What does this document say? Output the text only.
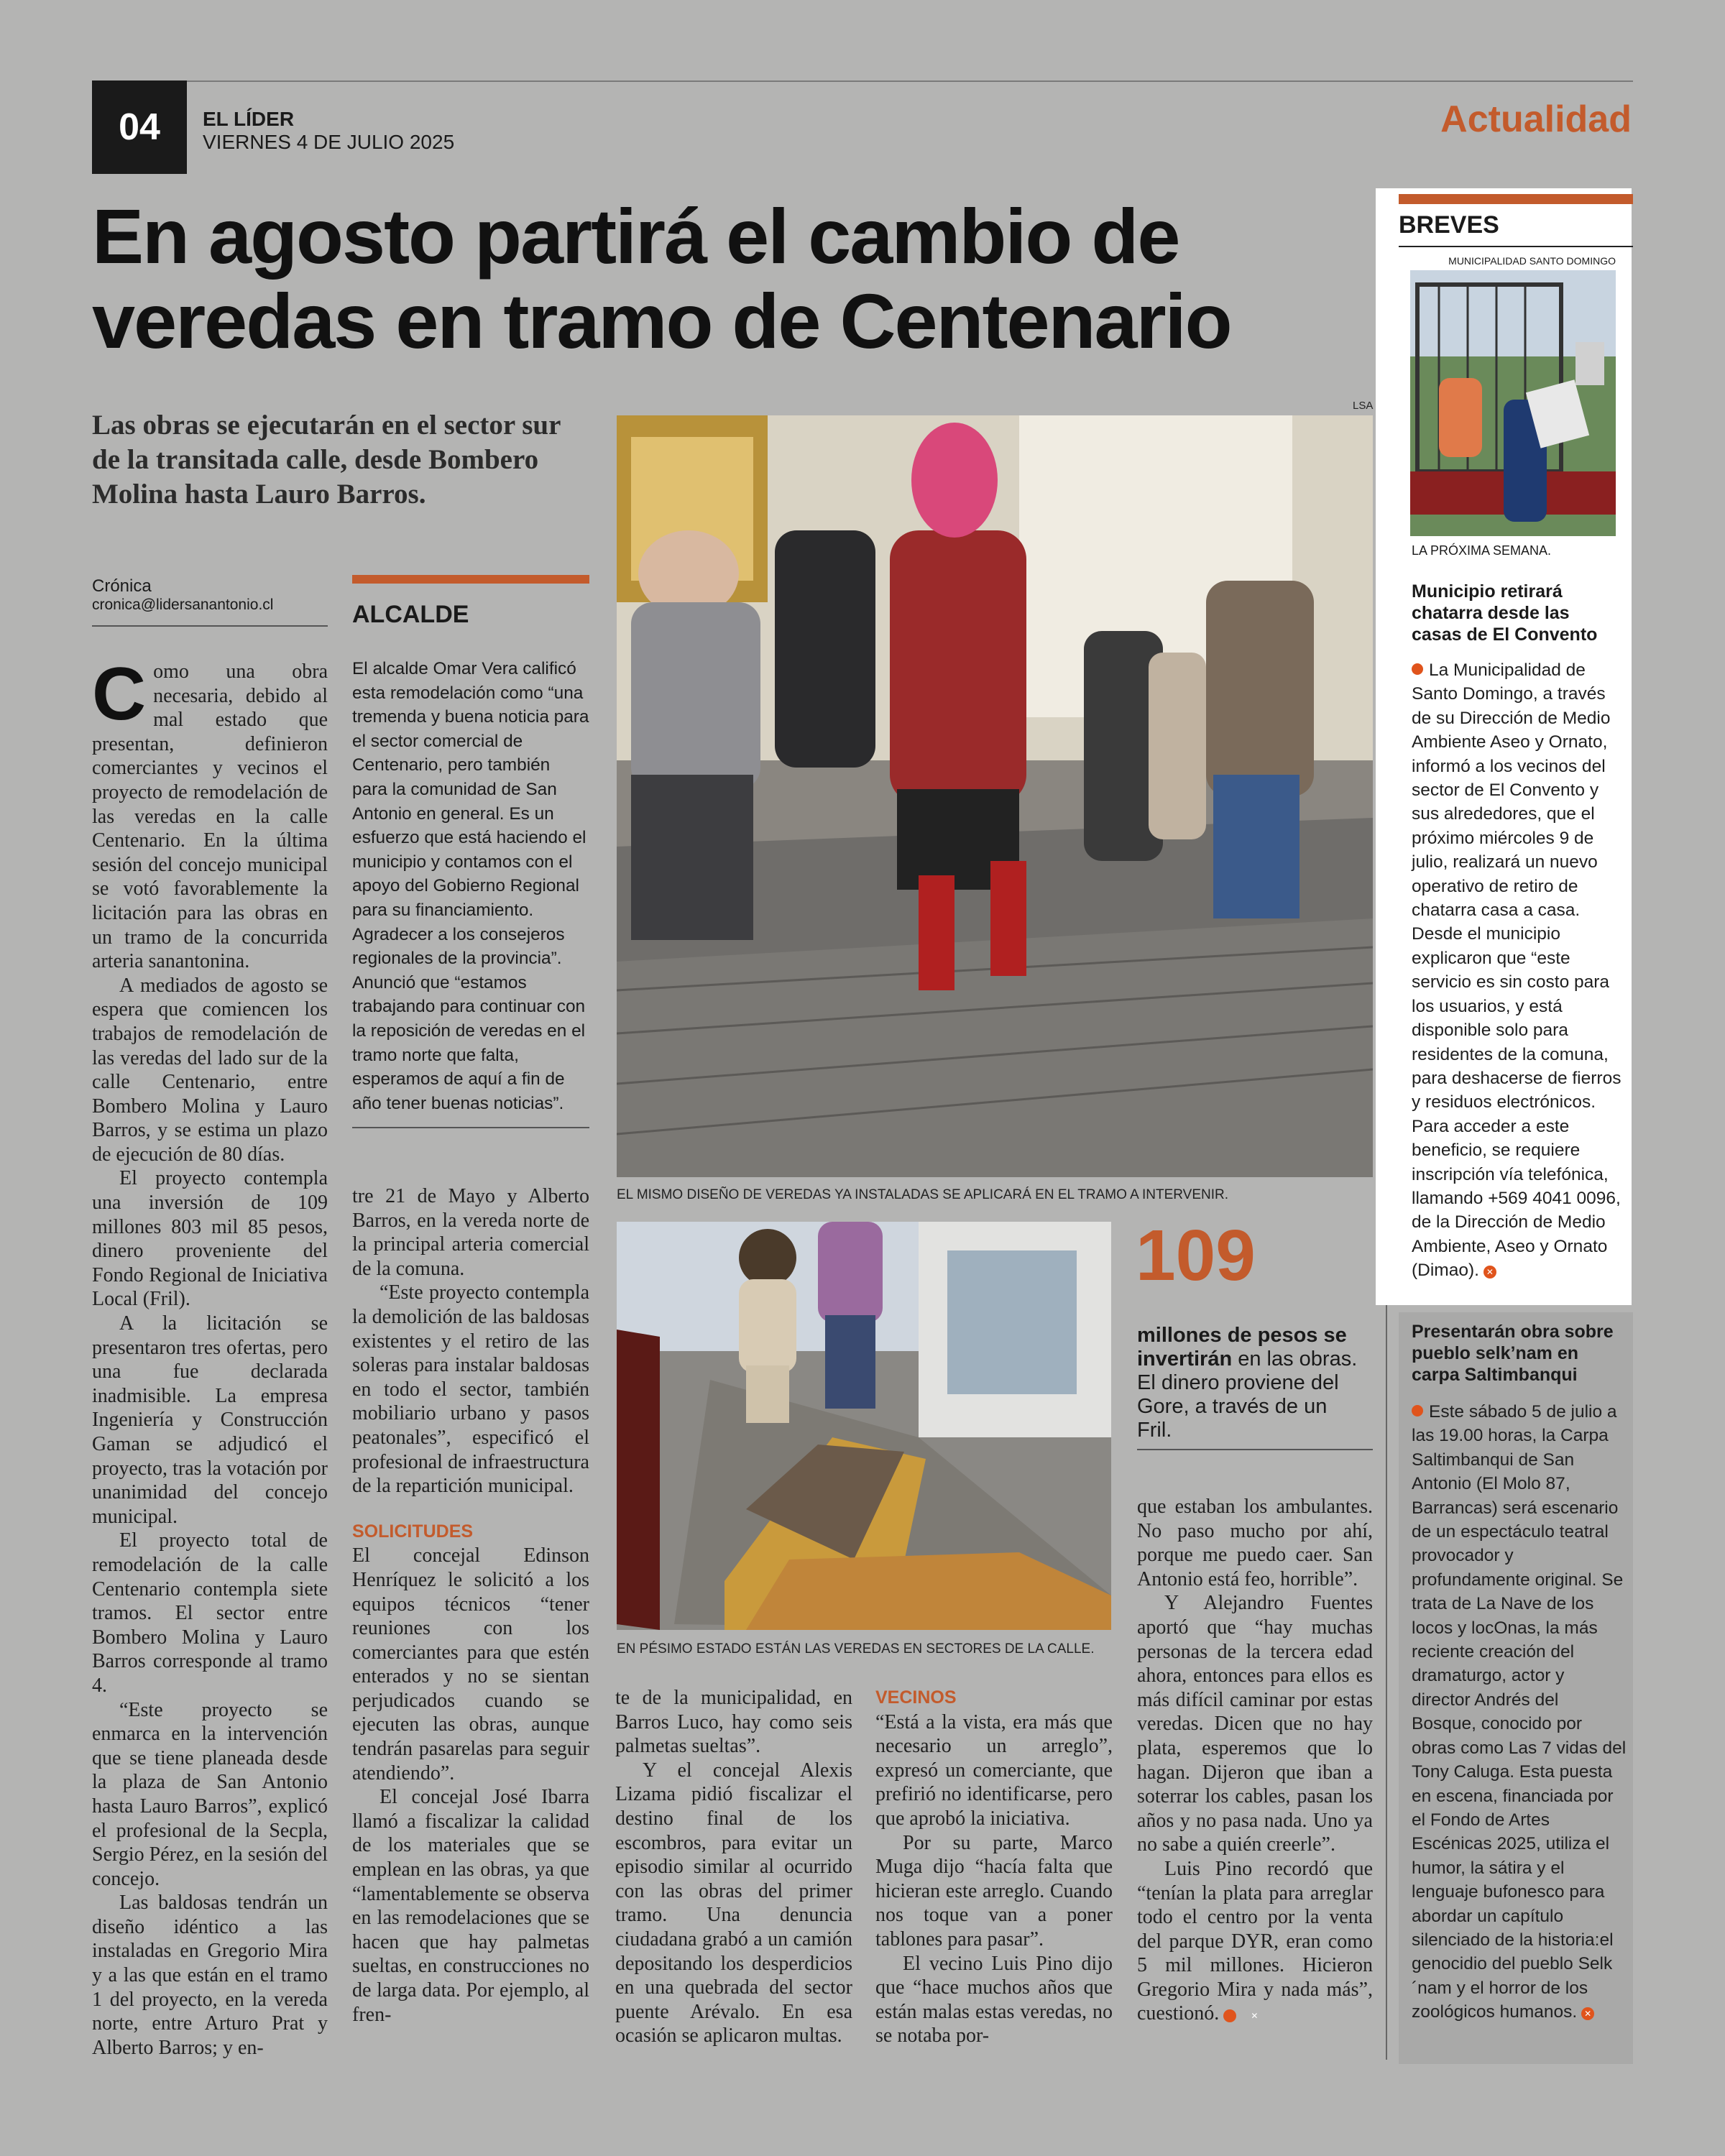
04	EL LÍDER
VIERNES 4 DE JULIO 2025
Actualidad
En agosto partirá el cambio de veredas en tramo de Centenario
Las obras se ejecutarán en el sector sur de la transitada calle, desde Bombero Molina hasta Lauro Barros.
Crónica
cronica@lidersanantonio.cl

Como una obra necesaria, debido al mal estado que presentan, definieron comerciantes y vecinos el proyecto de remodelación de las veredas en la calle Centenario. En la última sesión del concejo municipal se votó favorablemente la licitación para las obras en un tramo de la concurrida arteria sanantonina.

A mediados de agosto se espera que comiencen los trabajos de remodelación de las veredas del lado sur de la calle Centenario, entre Bombero Molina y Lauro Barros, y se estima un plazo de ejecución de 80 días.

El proyecto contempla una inversión de 109 millones 803 mil 85 pesos, dinero proveniente del Fondo Regional de Iniciativa Local (Fril).

A la licitación se presentaron tres ofertas, pero una fue declarada inadmisible. La empresa Ingeniería y Construcción Gaman se adjudicó el proyecto, tras la votación por unanimidad del concejo municipal.

El proyecto total de remodelación de la calle Centenario contempla siete tramos. El sector entre Bombero Molina y Lauro Barros corresponde al tramo 4.

“Este proyecto se enmarca en la intervención que se tiene planeada desde la plaza de San Antonio hasta Lauro Barros”, explicó el profesional de la Secpla, Sergio Pérez, en la sesión del concejo.

Las baldosas tendrán un diseño idéntico a las instaladas en Gregorio Mira y a las que están en el tramo 1 del proyecto, en la vereda norte, entre Arturo Prat y Alberto Barros; y en-

ALCALDE
El alcalde Omar Vera calificó esta remodelación como “una tremenda y buena noticia para el sector comercial de Centenario, pero también para la comunidad de San Antonio en general. Es un esfuerzo que está haciendo el municipio y contamos con el apoyo del Gobierno Regional para su financiamiento. Agradecer a los consejeros regionales de la provincia”. Anunció que “estamos trabajando para continuar con la reposición de veredas en el tramo norte que falta, esperamos de aquí a fin de año tener buenas noticias”.

tre 21 de Mayo y Alberto Barros, en la vereda norte de la principal arteria comercial de la comuna.

“Este proyecto contempla la demolición de las baldosas existentes y el retiro de las soleras para instalar baldosas en todo el sector, también mobiliario urbano y pasos peatonales”, especificó el profesional de infraestructura de la repartición municipal.

SOLICITUDES

El concejal Edinson Henríquez le solicitó a los equipos técnicos “tener reuniones con los comerciantes para que estén enterados y no se sientan perjudicados cuando se ejecuten las obras, aunque tendrán pasarelas para seguir atendiendo”.

El concejal José Ibarra llamó a fiscalizar la calidad de los materiales que se emplean en las obras, ya que “lamentablemente se observa en las remodelaciones que se hacen que hay palmetas sueltas, en construcciones no de larga data. Por ejemplo, al fren-

LSA
EL MISMO DISEÑO DE VEREDAS YA INSTALADAS SE APLICARÁ EN EL TRAMO A INTERVENIR.
EN PÉSIMO ESTADO ESTÁN LAS VEREDAS EN SECTORES DE LA CALLE.
109
millones de pesos se invertirán en las obras. El dinero proviene del Gore, a través de un Fril.

te de la municipalidad, en Barros Luco, hay como seis palmetas sueltas”.

Y el concejal Alexis Lizama pidió fiscalizar el destino final de los escombros, para evitar un episodio similar al ocurrido con las obras del primer tramo. Una denuncia ciudadana grabó a un camión depositando los desperdicios en una quebrada del sector puente Arévalo. En esa ocasión se aplicaron multas.

VECINOS

“Está a la vista, era más que necesario un arreglo”, expresó un comerciante, que prefirió no identificarse, pero que aprobó la iniciativa.

Por su parte, Marco Muga dijo “hacía falta que hicieran este arreglo. Cuando nos toque van a poner tablones para pasar”.

El vecino Luis Pino dijo que “hace muchos años que están malas estas veredas, no se notaba por-

que estaban los ambulantes. No paso mucho por ahí, porque me puedo caer. San Antonio está feo, horrible”.

Y Alejandro Fuentes aportó que “hay muchas personas de la tercera edad ahora, entonces para ellos es más difícil caminar por estas veredas. Dicen que no hay plata, esperemos que lo hagan. Dijeron que iban a soterrar los cables, pasan los años y no pasa nada. Uno ya no sabe a quién creerle”.

Luis Pino recordó que “tenían la plata para arreglar todo el centro por la venta del parque DYR, eran como 5 mil millones. Hicieron Gregorio Mira y nada más”, cuestionó.	✕

BREVES
MUNICIPALIDAD SANTO DOMINGO
LA PRÓXIMA SEMANA.
Municipio retirará chatarra desde las casas de El Convento
La Municipalidad de Santo Domingo, a través de su Dirección de Medio Ambiente Aseo y Ornato, informó a los vecinos del sector de El Convento y sus alrededores, que el próximo miércoles 9 de julio, realizará un nuevo operativo de retiro de chatarra casa a casa. Desde el municipio explicaron que “este servicio es sin costo para los usuarios, y está disponible solo para residentes de la comuna, para deshacerse de fierros y residuos electrónicos. Para acceder a este beneficio, se requiere inscripción vía telefónica, llamando +569 4041 0096, de la Dirección de Medio Ambiente, Aseo y Ornato (Dimao). ✕
Presentarán obra sobre pueblo selk’nam en carpa Saltimbanqui
Este sábado 5 de julio a las 19.00 horas, la Carpa Saltimbanqui de San Antonio (El Molo 87, Barrancas) será escenario de un espectáculo teatral provocador y profundamente original. Se trata de La Nave de los locos y locOnas, la más reciente creación del dramaturgo, actor y director Andrés del Bosque, conocido por obras como Las 7 vidas del Tony Caluga. Esta puesta en escena, financiada por el Fondo de Artes Escénicas 2025, utiliza el humor, la sátira y el lenguaje bufonesco para abordar un capítulo silenciado de la historia:el genocidio del pueblo Selk´nam y el horror de los zoológicos humanos. ✕
